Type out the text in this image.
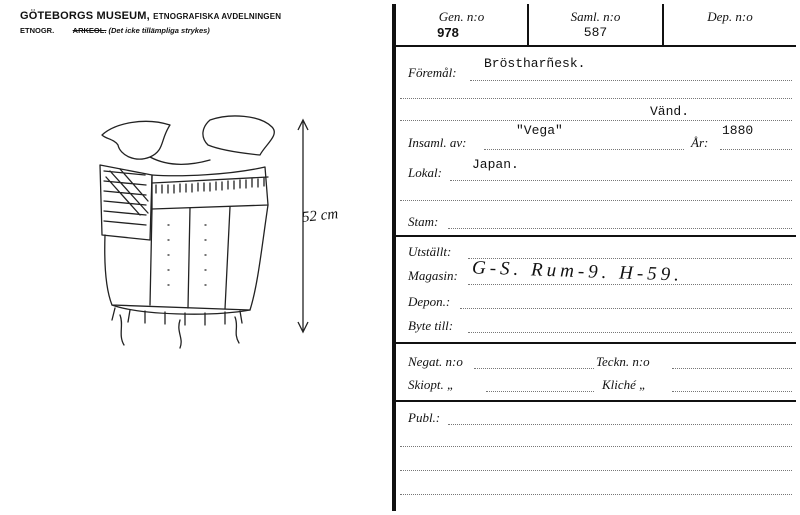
GÖTEBORGS MUSEUM, ETNOGRAFISKA AVDELNINGEN
ETNOGR. ARKEOL. (Det icke tillämpliga strykes)
52 cm
Gen. n:o
978
Saml. n:o
587
Dep. n:o
Föremål:
Bröstharñesk.
Vänd.
Insaml. av:
"Vega"
År:
1880
Lokal:
Japan.
Stam:
Utställt:
Magasin: G-S. Rum-9. H-59.
Depon.:
Byte till:
Negat. n:o	Teckn. n:o
Skiopt. „	Kliché „
Publ.:
